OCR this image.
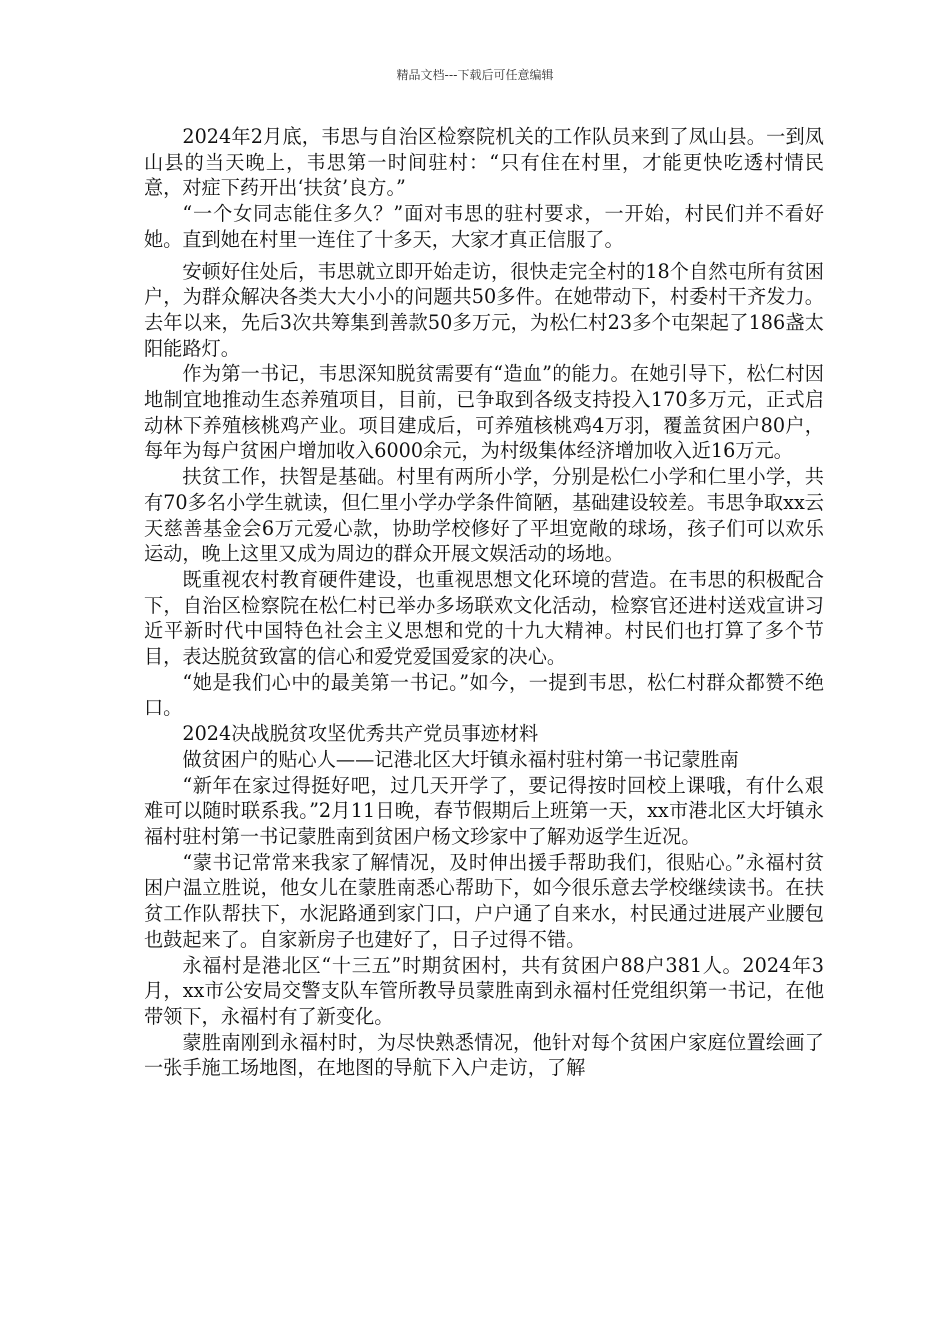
精品文档---下载后可任意编辑

2024年2月底，韦思与自治区检察院机关的工作队员来到了凤山县。一到凤山县的当天晚上，韦思第一时间驻村：“只有住在村里，才能更快吃透村情民意，对症下药开出‘扶贫’良方。”

“一个女同志能住多久？”面对韦思的驻村要求，一开始，村民们并不看好她。直到她在村里一连住了十多天，大家才真正信服了。

安顿好住处后，韦思就立即开始走访，很快走完全村的18个自然屯所有贫困户，为群众解决各类大大小小的问题共50多件。在她带动下，村委村干齐发力。去年以来，先后3次共筹集到善款50多万元，为松仁村23多个屯架起了186盏太阳能路灯。

作为第一书记，韦思深知脱贫需要有“造血”的能力。在她引导下，松仁村因地制宜地推动生态养殖项目，目前，已争取到各级支持投入170多万元，正式启动林下养殖核桃鸡产业。项目建成后，可养殖核桃鸡4万羽，覆盖贫困户80户，每年为每户贫困户增加收入6000余元，为村级集体经济增加收入近16万元。

扶贫工作，扶智是基础。村里有两所小学，分别是松仁小学和仁里小学，共有70多名小学生就读，但仁里小学办学条件简陋，基础建设较差。韦思争取xx云天慈善基金会6万元爱心款，协助学校修好了平坦宽敞的球场，孩子们可以欢乐运动，晚上这里又成为周边的群众开展文娱活动的场地。

既重视农村教育硬件建设，也重视思想文化环境的营造。在韦思的积极配合下，自治区检察院在松仁村已举办多场联欢文化活动，检察官还进村送戏宣讲习近平新时代中国特色社会主义思想和党的十九大精神。村民们也打算了多个节目，表达脱贫致富的信心和爱党爱国爱家的决心。

“她是我们心中的最美第一书记。”如今，一提到韦思，松仁村群众都赞不绝口。

2024决战脱贫攻坚优秀共产党员事迹材料

做贫困户的贴心人——记港北区大圩镇永福村驻村第一书记蒙胜南

“新年在家过得挺好吧，过几天开学了，要记得按时回校上课哦，有什么艰难可以随时联系我。”2月11日晚，春节假期后上班第一天，xx市港北区大圩镇永福村驻村第一书记蒙胜南到贫困户杨文珍家中了解劝返学生近况。

“蒙书记常常来我家了解情况，及时伸出援手帮助我们，很贴心。”永福村贫困户温立胜说，他女儿在蒙胜南悉心帮助下，如今很乐意去学校继续读书。在扶贫工作队帮扶下，水泥路通到家门口，户户通了自来水，村民通过进展产业腰包也鼓起来了。自家新房子也建好了，日子过得不错。

永福村是港北区“十三五”时期贫困村，共有贫困户88户381人。2024年3月，xx市公安局交警支队车管所教导员蒙胜南到永福村任党组织第一书记，在他带领下，永福村有了新变化。

蒙胜南刚到永福村时，为尽快熟悉情况，他针对每个贫困户家庭位置绘画了一张手施工场地图，在地图的导航下入户走访，了解
